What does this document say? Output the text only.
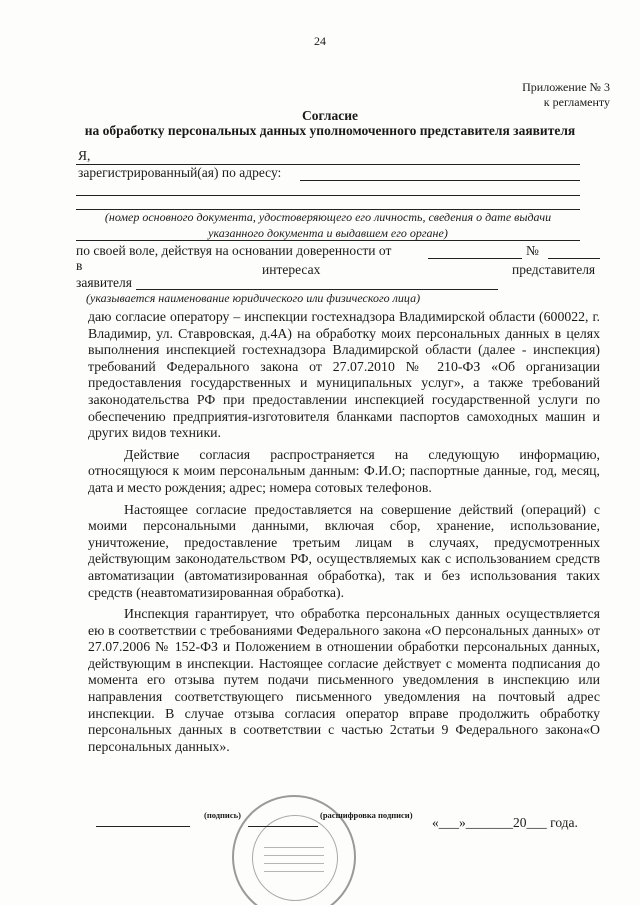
24
Приложение № 3
к регламенту
Согласие
на обработку персональных данных уполномоченного представителя заявителя
Я,
зарегистрированный(ая) по адресу:
(номер основного документа, удостоверяющего его личность, сведения о дате выдачи
указанного документа и выдавшем его органе)
по своей воле, действуя на основании доверенности от	№
в	интересах	представителя
заявителя
(указывается наименование юридического или физического лица)

даю согласие оператору – инспекции гостехнадзора Владимирской области (600022, г. Владимир, ул. Ставровская, д.4А) на обработку моих персональных данных в целях выполнения инспекцией гостехнадзора Владимирской области (далее - инспекция) требований Федерального закона от 27.07.2010 № 210-ФЗ «Об организации предоставления государственных и муниципальных услуг», а также требований законодательства РФ при предоставлении инспекцией государственной услуги по обеспечению предприятия-изготовителя бланками паспортов самоходных машин и других видов техники.

Действие согласия распространяется на следующую информацию, относящуюся к моим персональным данным: Ф.И.О; паспортные данные, год, месяц, дата и место рождения; адрес; номера сотовых телефонов.

Настоящее согласие предоставляется на совершение действий (операций) с моими персональными данными, включая сбор, хранение, использование, уничтожение, предоставление третьим лицам в случаях, предусмотренных действующим законодательством РФ, осуществляемых как с использованием средств автоматизации (автоматизированная обработка), так и без использования таких средств (неавтоматизированная обработка).

Инспекция гарантирует, что обработка персональных данных осуществляется ею в соответствии с требованиями Федерального закона «О персональных данных» от 27.07.2006 № 152-ФЗ и Положением в отношении обработки персональных данных, действующим в инспекции. Настоящее согласие действует с момента подписания до момента его отзыва путем подачи письменного уведомления в инспекцию или направления соответствующего письменного уведомления на почтовый адрес инспекции. В случае отзыва согласия оператор вправе продолжить обработку персональных данных в соответствии с частью 2статьи 9 Федерального закона«О персональных данных».

(подпись)	(расшифровка подписи) «___»_______20___ года.
